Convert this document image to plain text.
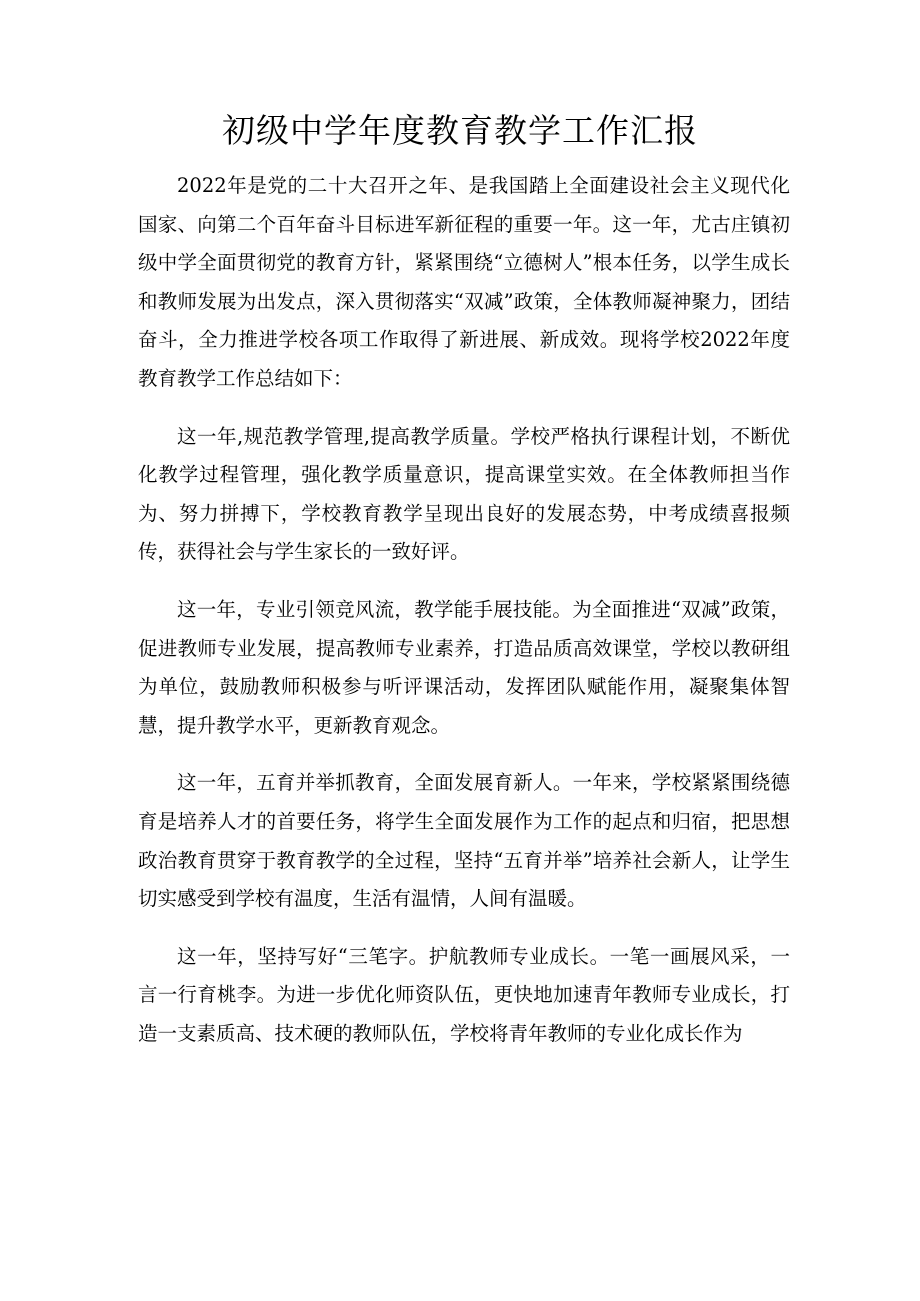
初级中学年度教育教学工作汇报

2022年是党的二十大召开之年、是我国踏上全面建设社会主义现代化国家、向第二个百年奋斗目标进军新征程的重要一年。这一年，尤古庄镇初级中学全面贯彻党的教育方针，紧紧围绕“立德树人”根本任务，以学生成长和教师发展为出发点，深入贯彻落实“双减”政策，全体教师凝神聚力，团结奋斗，全力推进学校各项工作取得了新进展、新成效。现将学校2022年度教育教学工作总结如下：

这一年,规范教学管理,提高教学质量。学校严格执行课程计划，不断优化教学过程管理，强化教学质量意识，提高课堂实效。在全体教师担当作为、努力拼搏下，学校教育教学呈现出良好的发展态势，中考成绩喜报频传，获得社会与学生家长的一致好评。

这一年，专业引领竞风流，教学能手展技能。为全面推进“双减”政策，促进教师专业发展，提高教师专业素养，打造品质高效课堂，学校以教研组为单位，鼓励教师积极参与听评课活动，发挥团队赋能作用，凝聚集体智慧，提升教学水平，更新教育观念。

这一年，五育并举抓教育，全面发展育新人。一年来，学校紧紧围绕德育是培养人才的首要任务，将学生全面发展作为工作的起点和归宿，把思想政治教育贯穿于教育教学的全过程，坚持“五育并举”培养社会新人，让学生切实感受到学校有温度，生活有温情，人间有温暖。

这一年，坚持写好“三笔字。护航教师专业成长。一笔一画展风采，一言一行育桃李。为进一步优化师资队伍，更快地加速青年教师专业成长，打造一支素质高、技术硬的教师队伍，学校将青年教师的专业化成长作为
